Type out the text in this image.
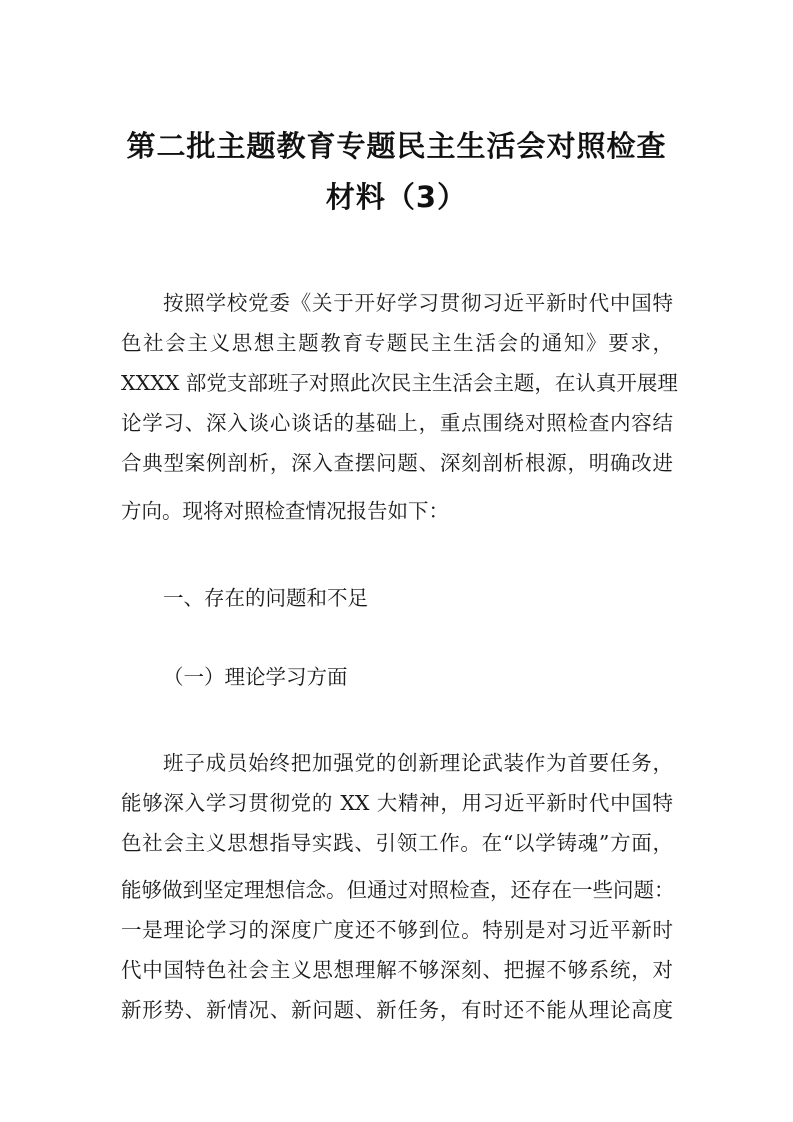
第二批主题教育专题民主生活会对照检查
材料（3）
按照学校党委《关于开好学习贯彻习近平新时代中国特
色社会主义思想主题教育专题民主生活会的通知》要求，
XXXX 部党支部班子对照此次民主生活会主题，在认真开展理
论学习、深入谈心谈话的基础上，重点围绕对照检查内容结
合典型案例剖析，深入查摆问题、深刻剖析根源，明确改进
方向。现将对照检查情况报告如下：
一、存在的问题和不足
（一）理论学习方面
班子成员始终把加强党的创新理论武装作为首要任务，
能够深入学习贯彻党的 XX 大精神，用习近平新时代中国特
色社会主义思想指导实践、引领工作。在“以学铸魂”方面，
能够做到坚定理想信念。但通过对照检查，还存在一些问题：
一是理论学习的深度广度还不够到位。特别是对习近平新时
代中国特色社会主义思想理解不够深刻、把握不够系统，对
新形势、新情况、新问题、新任务，有时还不能从理论高度
